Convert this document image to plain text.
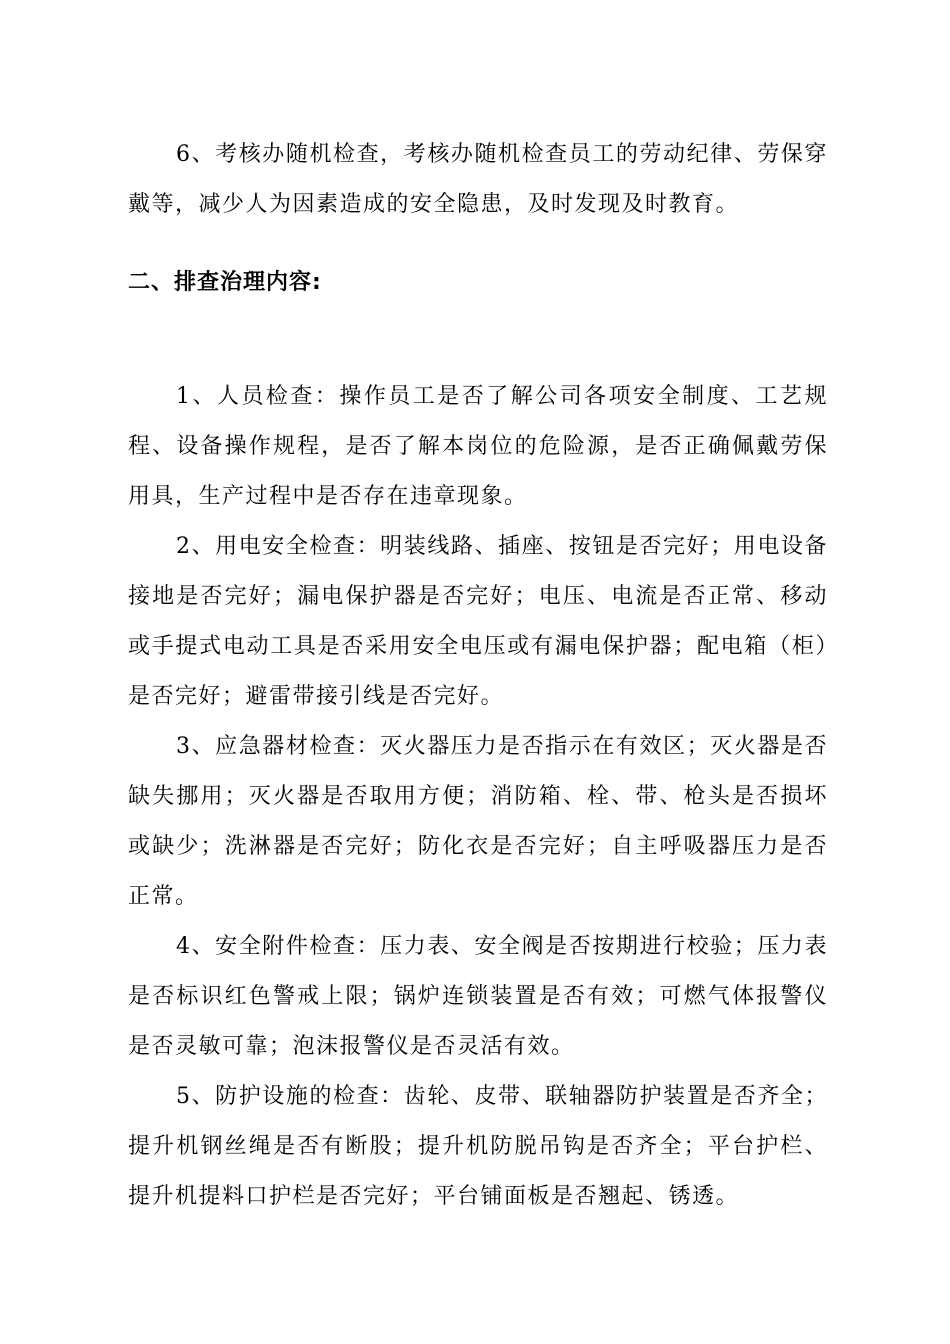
6、考核办随机检查，考核办随机检查员工的劳动纪律、劳保穿戴等，减少人为因素造成的安全隐患，及时发现及时教育。

二、排查治理内容:

1、人员检查：操作员工是否了解公司各项安全制度、工艺规程、设备操作规程，是否了解本岗位的危险源，是否正确佩戴劳保用具，生产过程中是否存在违章现象。

2、用电安全检查：明装线路、插座、按钮是否完好；用电设备接地是否完好；漏电保护器是否完好；电压、电流是否正常、移动或手提式电动工具是否采用安全电压或有漏电保护器；配电箱（柜）是否完好；避雷带接引线是否完好。

3、应急器材检查：灭火器压力是否指示在有效区；灭火器是否缺失挪用；灭火器是否取用方便；消防箱、栓、带、枪头是否损坏或缺少；洗淋器是否完好；防化衣是否完好；自主呼吸器压力是否正常。

4、安全附件检查：压力表、安全阀是否按期进行校验；压力表是否标识红色警戒上限；锅炉连锁装置是否有效；可燃气体报警仪是否灵敏可靠；泡沫报警仪是否灵活有效。

5、防护设施的检查：齿轮、皮带、联轴器防护装置是否齐全；提升机钢丝绳是否有断股；提升机防脱吊钩是否齐全；平台护栏、提升机提料口护栏是否完好；平台铺面板是否翘起、锈透。
